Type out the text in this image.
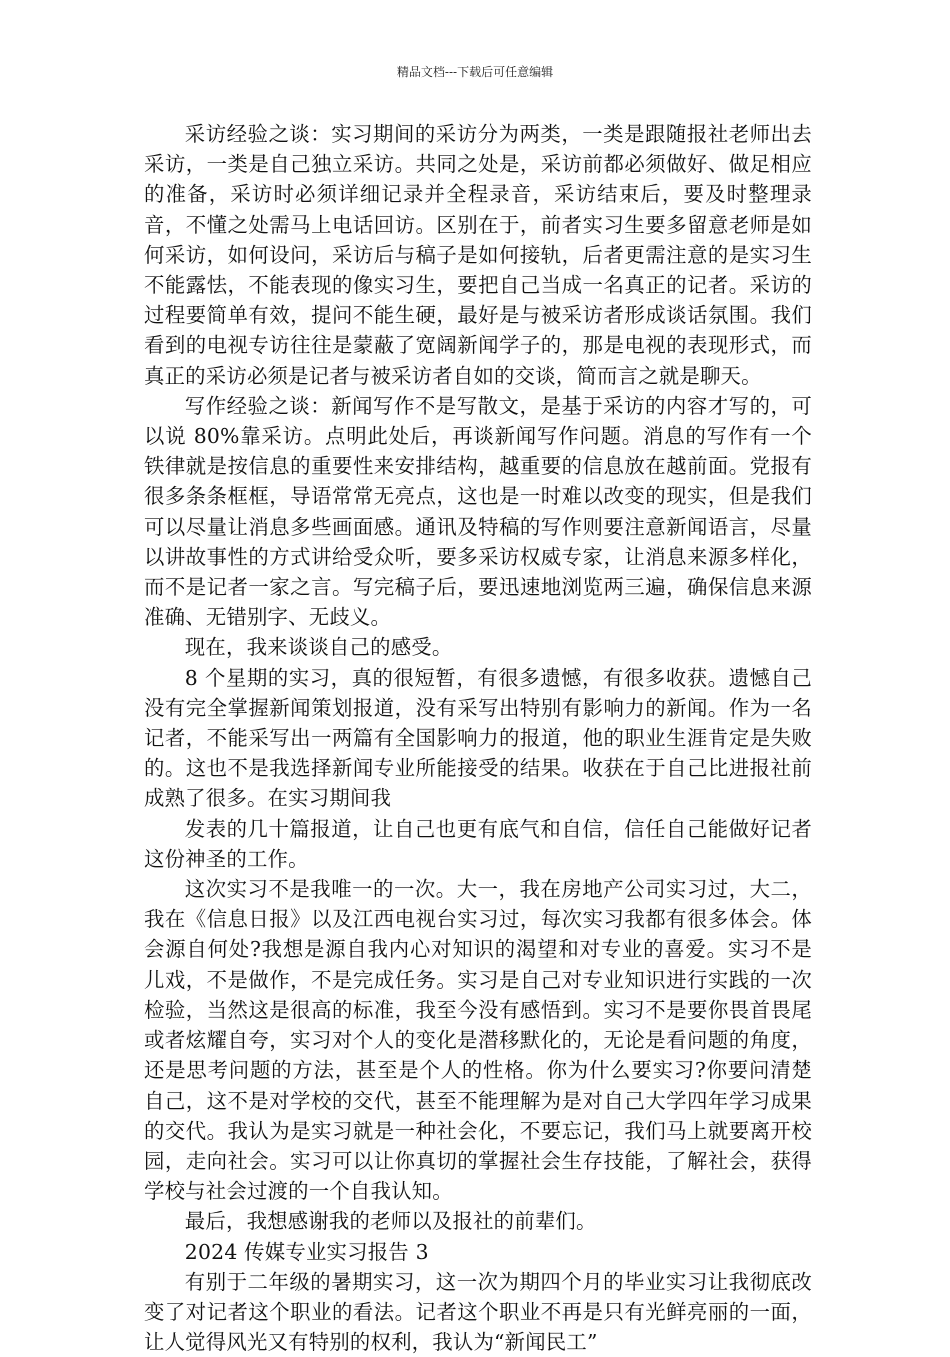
精品文档---下载后可任意编辑

采访经验之谈：实习期间的采访分为两类，一类是跟随报社老师出去采访，一类是自己独立采访。共同之处是，采访前都必须做好、做足相应的准备，采访时必须详细记录并全程录音，采访结束后，要及时整理录音，不懂之处需马上电话回访。区别在于，前者实习生要多留意老师是如何采访，如何设问，采访后与稿子是如何接轨，后者更需注意的是实习生不能露怯，不能表现的像实习生，要把自己当成一名真正的记者。采访的过程要简单有效，提问不能生硬，最好是与被采访者形成谈话氛围。我们看到的电视专访往往是蒙蔽了宽阔新闻学子的，那是电视的表现形式，而真正的采访必须是记者与被采访者自如的交谈，简而言之就是聊天。

写作经验之谈：新闻写作不是写散文，是基于采访的内容才写的，可以说 80%靠采访。点明此处后，再谈新闻写作问题。消息的写作有一个铁律就是按信息的重要性来安排结构，越重要的信息放在越前面。党报有很多条条框框，导语常常无亮点，这也是一时难以改变的现实，但是我们可以尽量让消息多些画面感。通讯及特稿的写作则要注意新闻语言，尽量以讲故事性的方式讲给受众听，要多采访权威专家，让消息来源多样化，而不是记者一家之言。写完稿子后，要迅速地浏览两三遍，确保信息来源准确、无错别字、无歧义。

现在，我来谈谈自己的感受。

8 个星期的实习，真的很短暂，有很多遗憾，有很多收获。遗憾自己没有完全掌握新闻策划报道，没有采写出特别有影响力的新闻。作为一名记者，不能采写出一两篇有全国影响力的报道，他的职业生涯肯定是失败的。这也不是我选择新闻专业所能接受的结果。收获在于自己比进报社前成熟了很多。在实习期间我

发表的几十篇报道，让自己也更有底气和自信，信任自己能做好记者这份神圣的工作。

这次实习不是我唯一的一次。大一，我在房地产公司实习过，大二，我在《信息日报》以及江西电视台实习过，每次实习我都有很多体会。体会源自何处?我想是源自我内心对知识的渴望和对专业的喜爱。实习不是儿戏，不是做作，不是完成任务。实习是自己对专业知识进行实践的一次检验，当然这是很高的标准，我至今没有感悟到。实习不是要你畏首畏尾或者炫耀自夸，实习对个人的变化是潜移默化的，无论是看问题的角度，还是思考问题的方法，甚至是个人的性格。你为什么要实习?你要问清楚自己，这不是对学校的交代，甚至不能理解为是对自己大学四年学习成果的交代。我认为是实习就是一种社会化，不要忘记，我们马上就要离开校园，走向社会。实习可以让你真切的掌握社会生存技能，了解社会，获得学校与社会过渡的一个自我认知。

最后，我想感谢我的老师以及报社的前辈们。

2024 传媒专业实习报告 3

有别于二年级的暑期实习，这一次为期四个月的毕业实习让我彻底改变了对记者这个职业的看法。记者这个职业不再是只有光鲜亮丽的一面，让人觉得风光又有特别的权利，我认为“新闻民工”
